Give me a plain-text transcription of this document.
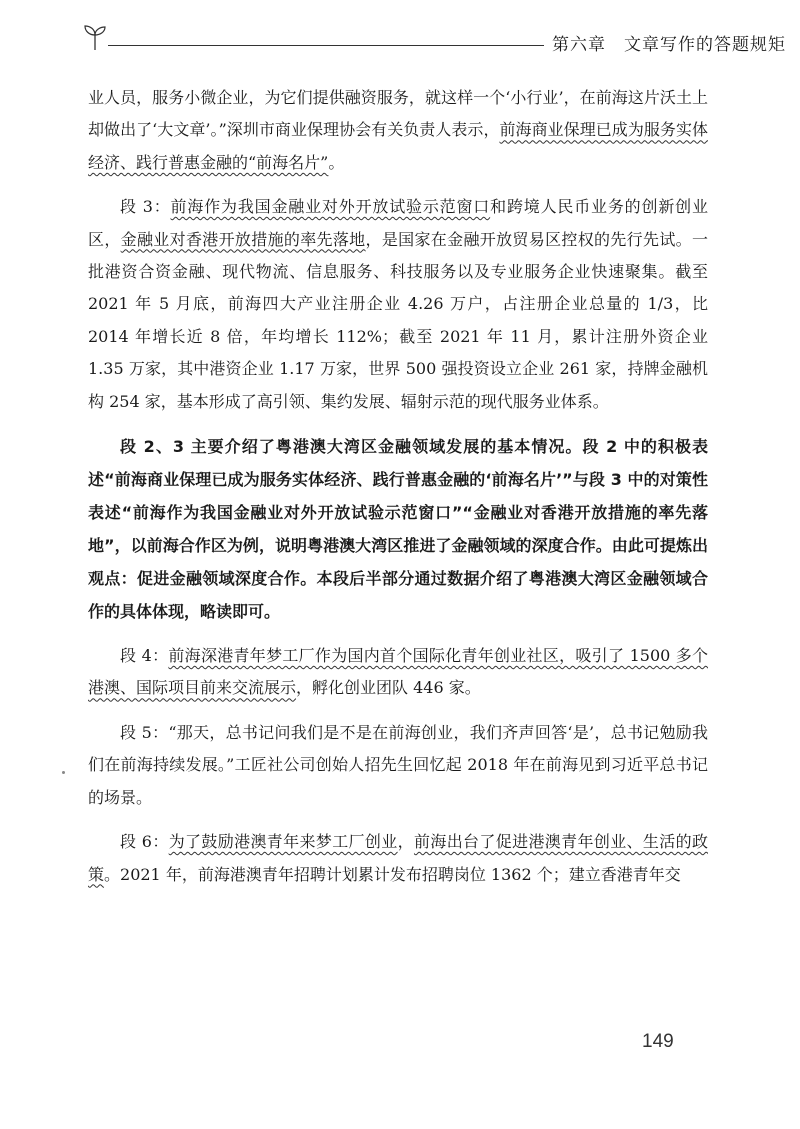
第六章　文章写作的答题规矩

业人员，服务小微企业，为它们提供融资服务，就这样一个‘小行业’，在前海这片沃土上却做出了‘大文章’。”深圳市商业保理协会有关负责人表示，前海商业保理已成为服务实体经济、践行普惠金融的“前海名片”。

段 3：前海作为我国金融业对外开放试验示范窗口和跨境人民币业务的创新创业区，金融业对香港开放措施的率先落地，是国家在金融开放贸易区控权的先行先试。一批港资合资金融、现代物流、信息服务、科技服务以及专业服务企业快速聚集。截至 2021 年 5 月底，前海四大产业注册企业 4.26 万户，占注册企业总量的 1/3，比 2014 年增长近 8 倍，年均增长 112%；截至 2021 年 11 月，累计注册外资企业 1.35 万家，其中港资企业 1.17 万家，世界 500 强投资设立企业 261 家，持牌金融机构 254 家，基本形成了高引领、集约发展、辐射示范的现代服务业体系。

段 2、3 主要介绍了粤港澳大湾区金融领域发展的基本情况。段 2 中的积极表述“前海商业保理已成为服务实体经济、践行普惠金融的‘前海名片’”与段 3 中的对策性表述“前海作为我国金融业对外开放试验示范窗口”“金融业对香港开放措施的率先落地”，以前海合作区为例，说明粤港澳大湾区推进了金融领域的深度合作。由此可提炼出观点：促进金融领域深度合作。本段后半部分通过数据介绍了粤港澳大湾区金融领域合作的具体体现，略读即可。

段 4：前海深港青年梦工厂作为国内首个国际化青年创业社区，吸引了 1500 多个港澳、国际项目前来交流展示，孵化创业团队 446 家。

段 5：“那天，总书记问我们是不是在前海创业，我们齐声回答‘是’，总书记勉励我们在前海持续发展。”工匠社公司创始人招先生回忆起 2018 年在前海见到习近平总书记的场景。

段 6：为了鼓励港澳青年来梦工厂创业，前海出台了促进港澳青年创业、生活的政策。2021 年，前海港澳青年招聘计划累计发布招聘岗位 1362 个；建立香港青年交

149
